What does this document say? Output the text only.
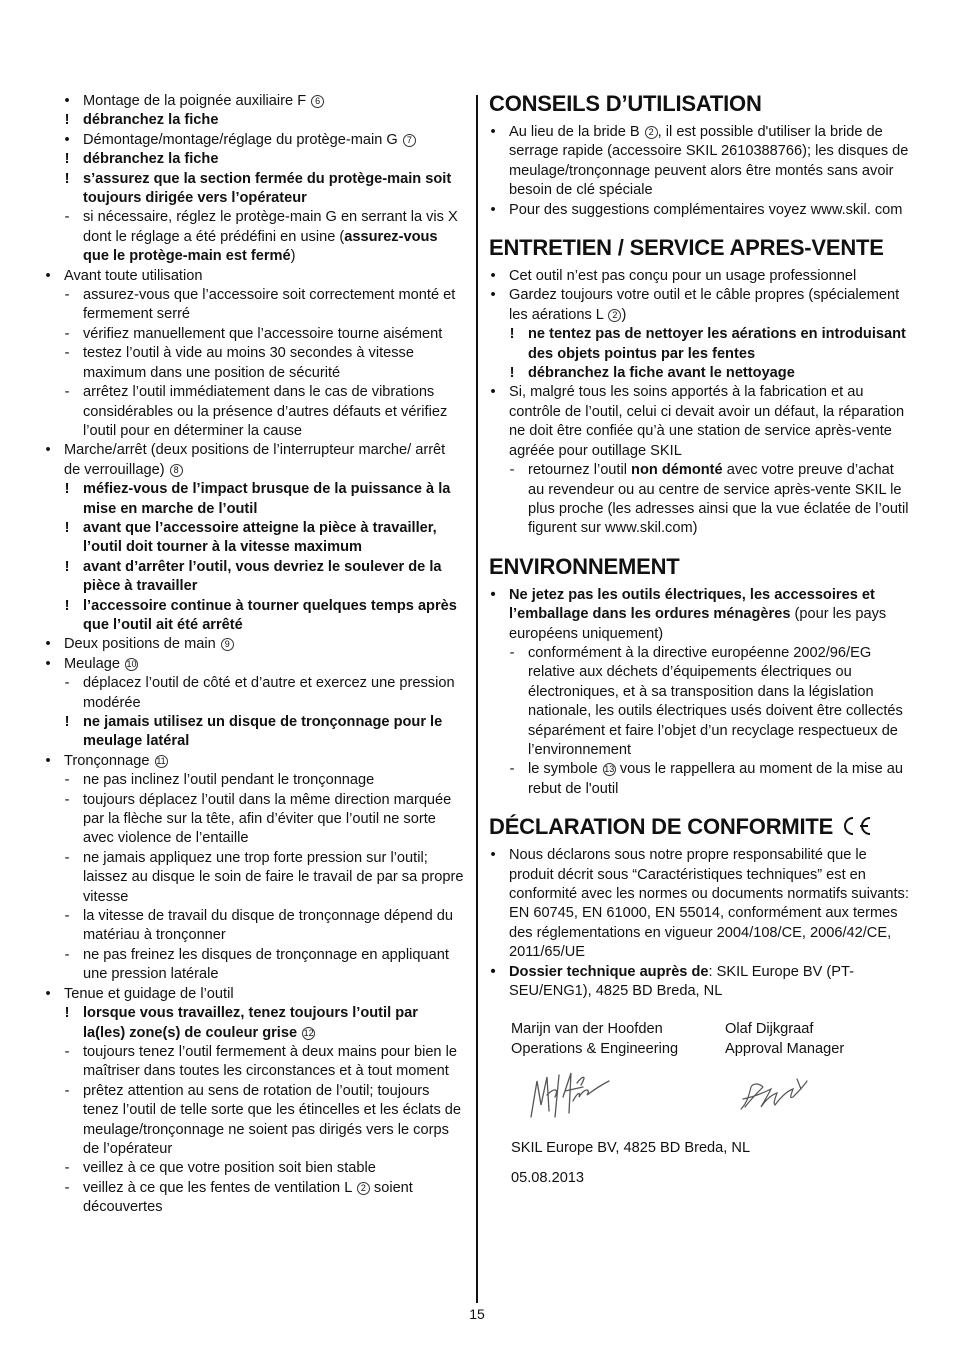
• Montage de la poignée auxiliaire F 6
! débranchez la fiche
• Démontage/montage/réglage du protège-main G 7
! débranchez la fiche
! s’assurez que la section fermée du protège-main soit toujours dirigée vers l’opérateur
- si nécessaire, réglez le protège-main G en serrant la vis X dont le réglage a été prédéfini en usine (assurez-vous que le protège-main est fermé)
• Avant toute utilisation
- assurez-vous que l’accessoire soit correctement monté et fermement serré
- vérifiez manuellement que l’accessoire tourne aisément
- testez l’outil à vide au moins 30 secondes à vitesse maximum dans une position de sécurité
- arrêtez l’outil immédiatement dans le cas de vibrations considérables ou la présence d’autres défauts et vérifiez l’outil pour en déterminer la cause
• Marche/arrêt (deux positions de l’interrupteur marche/ arrêt de verrouillage) 8
! méfiez-vous de l’impact brusque de la puissance à la mise en marche de l’outil
! avant que l’accessoire atteigne la pièce à travailler, l’outil doit tourner à la vitesse maximum
! avant d’arrêter l’outil, vous devriez le soulever de la pièce à travailler
! l’accessoire continue à tourner quelques temps après que l’outil ait été arrêté
• Deux positions de main 9
• Meulage 10
- déplacez l’outil de côté et d’autre et exercez une pression modérée
! ne jamais utilisez un disque de tronçonnage pour le meulage latéral
• Tronçonnage 11
- ne pas inclinez l’outil pendant le tronçonnage
- toujours déplacez l’outil dans la même direction marquée par la flèche sur la tête, afin d’éviter que l’outil ne sorte avec violence de l’entaille
- ne jamais appliquez une trop forte pression sur l’outil; laissez au disque le soin de faire le travail de par sa propre vitesse
- la vitesse de travail du disque de tronçonnage dépend du matériau à tronçonner
- ne pas freinez les disques de tronçonnage en appliquant une pression latérale
• Tenue et guidage de l’outil
! lorsque vous travaillez, tenez toujours l’outil par la(les) zone(s) de couleur grise 12
- toujours tenez l’outil fermement à deux mains pour bien le maîtriser dans toutes les circonstances et à tout moment
- prêtez attention au sens de rotation de l’outil; toujours tenez l’outil de telle sorte que les étincelles et les éclats de meulage/tronçonnage ne soient pas dirigés vers le corps de l’opérateur
- veillez à ce que votre position soit bien stable
- veillez à ce que les fentes de ventilation L 2 soient découvertes
CONSEILS D’UTILISATION
• Au lieu de la bride B 2 , il est possible d'utiliser la bride de serrage rapide (accessoire SKIL 2610388766); les disques de meulage/tronçonnage peuvent alors être montés sans avoir besoin de clé spéciale
• Pour des suggestions complémentaires voyez www.skil. com
ENTRETIEN / SERVICE APRES-VENTE
• Cet outil n’est pas conçu pour un usage professionnel
• Gardez toujours votre outil et le câble propres (spécialement les aérations L 2 )
! ne tentez pas de nettoyer les aérations en introduisant des objets pointus par les fentes
! débranchez la fiche avant le nettoyage
• Si, malgré tous les soins apportés à la fabrication et au contrôle de l’outil, celui ci devait avoir un défaut, la réparation ne doit être confiée qu’à une station de service après-vente agréée pour outillage SKIL
- retournez l’outil non démonté avec votre preuve d’achat au revendeur ou au centre de service après-vente SKIL le plus proche (les adresses ainsi que la vue éclatée de l’outil figurent sur www.skil.com)
ENVIRONNEMENT
• Ne jetez pas les outils électriques, les accessoires et l’emballage dans les ordures ménagères (pour les pays européens uniquement)
- conformément à la directive européenne 2002/96/EG relative aux déchets d’équipements électriques ou électroniques, et à sa transposition dans la législation nationale, les outils électriques usés doivent être collectés séparément et faire l’objet d’un recyclage respectueux de l’environnement
- le symbole 13 vous le rappellera au moment de la mise au rebut de l'outil
DÉCLARATION DE CONFORMITE
• Nous déclarons sous notre propre responsabilité que le produit décrit sous “Caractéristiques techniques” est en conformité avec les normes ou documents normatifs suivants: EN 60745, EN 61000, EN 55014, conformément aux termes des réglementations en vigueur 2004/108/CE, 2006/42/CE, 2011/65/UE
• Dossier technique auprès de: SKIL Europe BV (PT-SEU/ENG1), 4825 BD Breda, NL
Marijn van der Hoofden
Operations & Engineering
Olaf Dijkgraaf
Approval Manager
SKIL Europe BV, 4825 BD Breda, NL
05.08.2013
15
